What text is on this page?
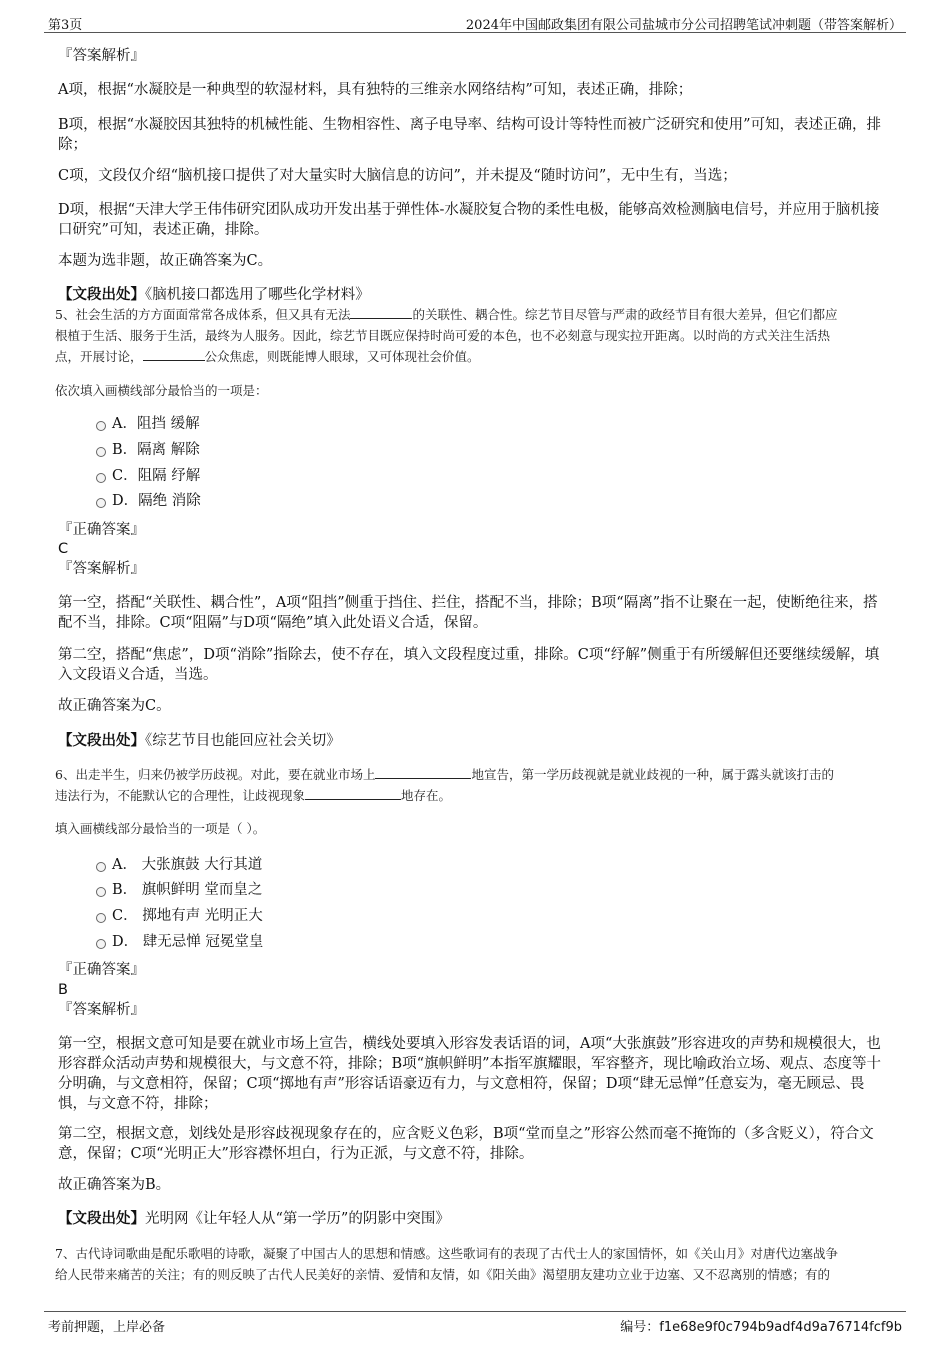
第3页	2024年中国邮政集团有限公司盐城市分公司招聘笔试冲刺题（带答案解析）
『答案解析』
A项，根据“水凝胶是一种典型的软湿材料，具有独特的三维亲水网络结构”可知，表述正确，排除；
B项，根据“水凝胶因其独特的机械性能、生物相容性、离子电导率、结构可设计等特性而被广泛研究和使用”可知，表述正确，排除；
C项，文段仅介绍“脑机接口提供了对大量实时大脑信息的访问”，并未提及“随时访问”，无中生有，当选；
D项，根据“天津大学王伟伟研究团队成功开发出基于弹性体-水凝胶复合物的柔性电极，能够高效检测脑电信号，并应用于脑机接口研究”可知，表述正确，排除。
本题为选非题，故正确答案为C。
【文段出处】《脑机接口都选用了哪些化学材料》
5、社会生活的方方面面常常各成体系，但又具有无法	的关联性、耦合性。综艺节目尽管与严肃的政经节目有很大差异，但它们都应
根植于生活、服务于生活，最终为人服务。因此，综艺节目既应保持时尚可爱的本色，也不必刻意与现实拉开距离。以时尚的方式关注生活热
点，开展讨论，	公众焦虑，则既能博人眼球，又可体现社会价值。
依次填入画横线部分最恰当的一项是：
A．阻挡 缓解
B．隔离 解除
C．阻隔 纾解
D．隔绝 消除
『正确答案』
C
『答案解析』
第一空，搭配“关联性、耦合性”，A项“阻挡”侧重于挡住、拦住，搭配不当，排除；B项“隔离”指不让聚在一起，使断绝往来，搭配不当，排除。C项“阻隔”与D项“隔绝”填入此处语义合适，保留。
第二空，搭配“焦虑”，D项“消除”指除去，使不存在，填入文段程度过重，排除。C项“纾解”侧重于有所缓解但还要继续缓解，填入文段语义合适，当选。
故正确答案为C。
【文段出处】《综艺节目也能回应社会关切》
6、出走半生，归来仍被学历歧视。对此，要在就业市场上	地宣告，第一学历歧视就是就业歧视的一种，属于露头就该打击的
违法行为，不能默认它的合理性，让歧视现象	地存在。
填入画横线部分最恰当的一项是（ ）。
A． 大张旗鼓 大行其道
B． 旗帜鲜明 堂而皇之
C． 掷地有声 光明正大
D． 肆无忌惮 冠冕堂皇
『正确答案』
B
『答案解析』
第一空，根据文意可知是要在就业市场上宣告，横线处要填入形容发表话语的词，A项“大张旗鼓”形容进攻的声势和规模很大，也形容群众活动声势和规模很大，与文意不符，排除；B项“旗帜鲜明”本指军旗耀眼，军容整齐，现比喻政治立场、观点、态度等十分明确，与文意相符，保留；C项“掷地有声”形容话语豪迈有力，与文意相符，保留；D项“肆无忌惮”任意妄为，毫无顾忌、畏惧，与文意不符，排除；
第二空，根据文意，划线处是形容歧视现象存在的，应含贬义色彩，B项“堂而皇之”形容公然而毫不掩饰的（多含贬义），符合文意，保留；C项“光明正大”形容襟怀坦白，行为正派，与文意不符，排除。
故正确答案为B。
【文段出处】光明网《让年轻人从“第一学历”的阴影中突围》
7、古代诗词歌曲是配乐歌唱的诗歌，凝聚了中国古人的思想和情感。这些歌词有的表现了古代士人的家国情怀，如《关山月》对唐代边塞战争
给人民带来痛苦的关注；有的则反映了古代人民美好的亲情、爱情和友情，如《阳关曲》渴望朋友建功立业于边塞、又不忍离别的情感；有的
考前押题，上岸必备	编号：f1e68e9f0c794b9adf4d9a76714fcf9b
